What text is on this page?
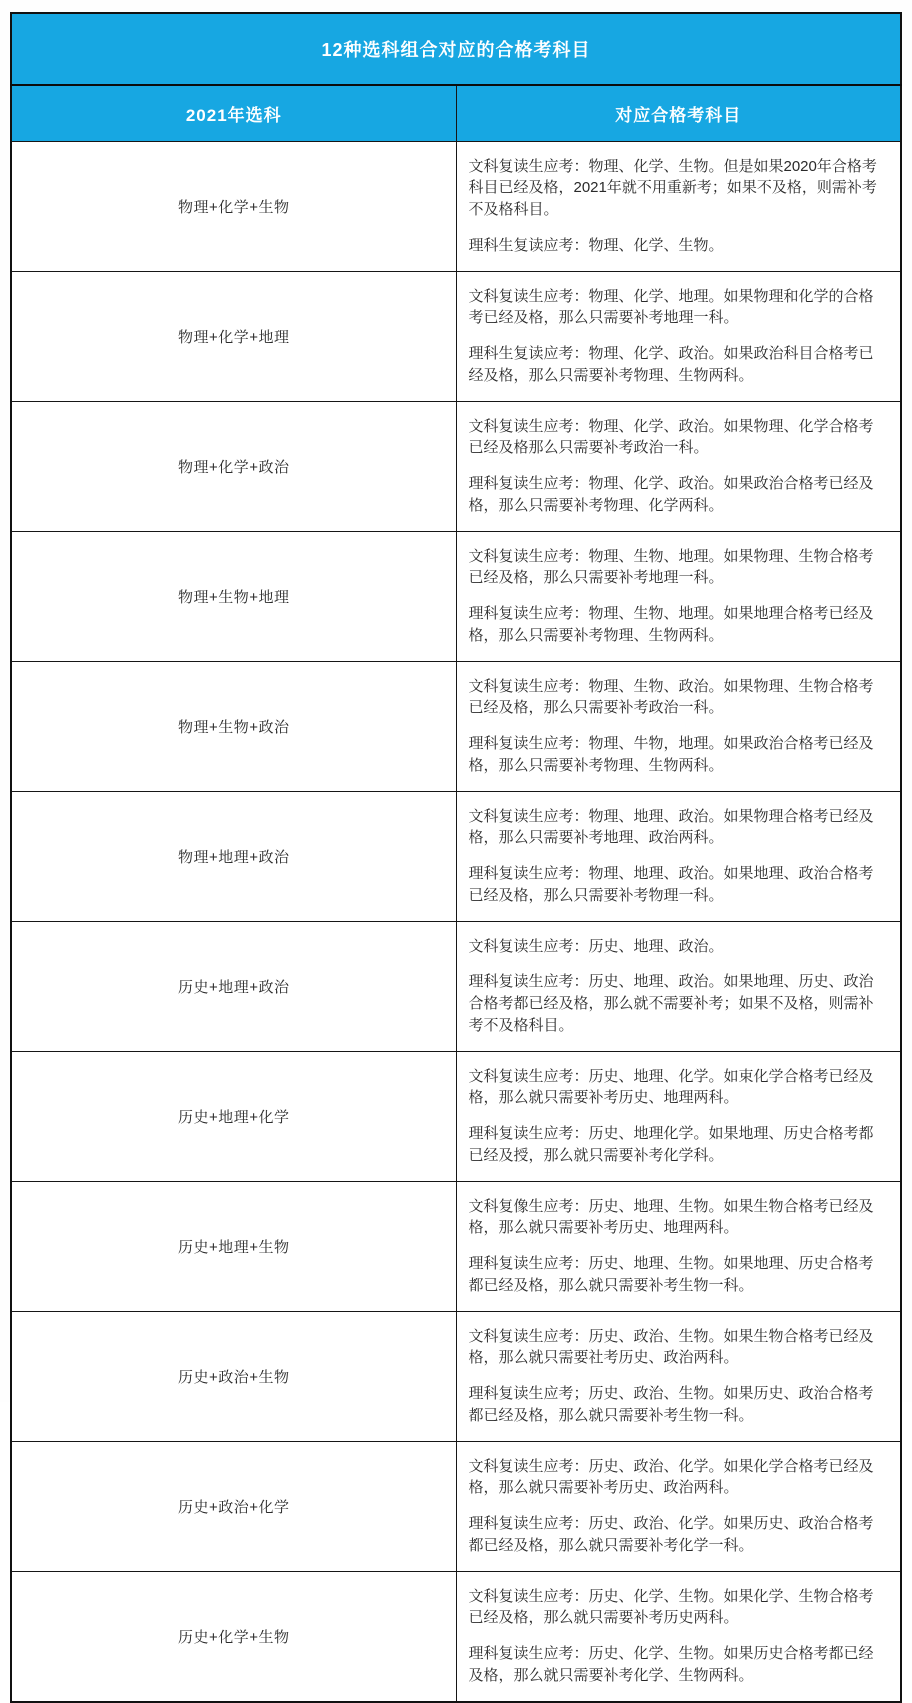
12种选科组合对应的合格考科目	
2021年选科	对应合格考科目
物理+化学+生物	文科复读生应考：物理、化学、生物。但是如果2020年合格考科目已经及格，2021年就不用重新考；如果不及格，则需补考不及格科目。

理科生复读应考：物理、化学、生物。

物理+化学+地理	文科复读生应考：物理、化学、地理。如果物理和化学的合格考已经及格，那么只需要补考地理一科。

理科生复读应考：物理、化学、政治。如果政治科目合格考已经及格，那么只需要补考物理、生物两科。

物理+化学+政治	文科复读生应考：物理、化学、政治。如果物理、化学合格考已经及格那么只需要补考政治一科。

理科复读生应考：物理、化学、政治。如果政治合格考已经及格，那么只需要补考物理、化学两科。

物理+生物+地理	文科复读生应考：物理、生物、地理。如果物理、生物合格考已经及格，那么只需要补考地理一科。

理科复读生应考：物理、生物、地理。如果地理合格考已经及格，那么只需要补考物理、生物两科。

物理+生物+政治	文科复读生应考：物理、生物、政治。如果物理、生物合格考已经及格，那么只需要补考政治一科。

理科复读生应考：物理、牛物，地理。如果政治合格考已经及格，那么只需要补考物理、生物两科。

物理+地理+政治	文科复读生应考：物理、地理、政治。如果物理合格考已经及格，那么只需要补考地理、政治两科。

理科复读生应考：物理、地理、政治。如果地理、政治合格考已经及格，那么只需要补考物理一科。

历史+地理+政治	文科复读生应考：历史、地理、政治。

理科复读生应考：历史、地理、政治。如果地理、历史、政治合格考都已经及格，那么就不需要补考；如果不及格，则需补考不及格科目。

历史+地理+化学	文科复读生应考：历史、地理、化学。如束化学合格考已经及格，那么就只需要补考历史、地理两科。

理科复读生应考：历史、地理化学。如果地理、历史合格考都已经及授，那么就只需要补考化学科。

历史+地理+生物	文科复像生应考：历史、地理、生物。如果生物合格考已经及格，那么就只需要补考历史、地理两科。

理科复读生应考：历史、地理、生物。如果地理、历史合格考都已经及格，那么就只需要补考生物一科。

历史+政治+生物	文科复读生应考：历史、政治、生物。如果生物合格考已经及格，那么就只需要社考历史、政治两科。

理科复读生应考；历史、政治、生物。如果历史、政治合格考都已经及格，那么就只需要补考生物一科。

历史+政治+化学	文科复读生应考：历史、政治、化学。如果化学合格考已经及格，那么就只需要补考历史、政治两科。

理科复读生应考：历史、政治、化学。如果历史、政治合格考都已经及格，那么就只需要补考化学一科。

历史+化学+生物	文科复读生应考：历史、化学、生物。如果化学、生物合格考已经及格，那么就只需要补考历史两科。

理科复读生应考：历史、化学、生物。如果历史合格考都已经及格，那么就只需要补考化学、生物两科。
